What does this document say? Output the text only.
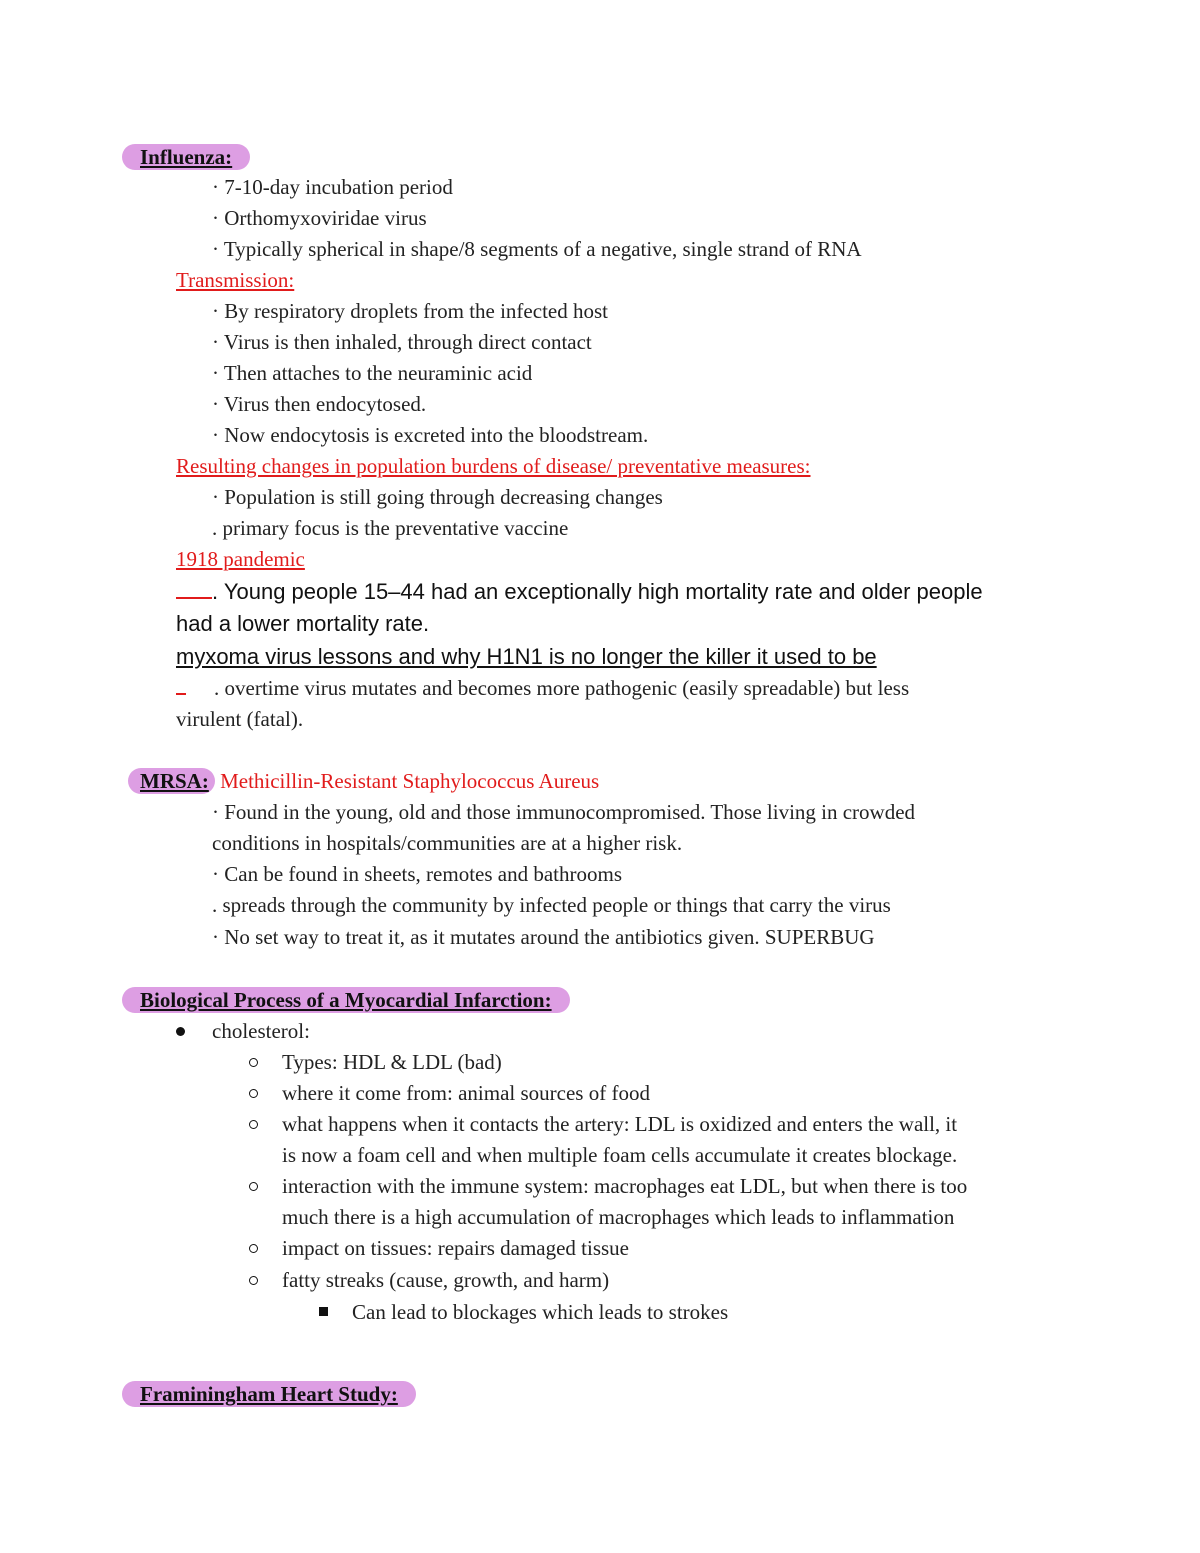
Influenza:
· 7-10-day incubation period
· Orthomyxoviridae virus
· Typically spherical in shape/8 segments of a negative, single strand of RNA
Transmission:
· By respiratory droplets from the infected host
· Virus is then inhaled, through direct contact
· Then attaches to the neuraminic acid
· Virus then endocytosed.
· Now endocytosis is excreted into the bloodstream.
Resulting changes in population burdens of disease/ preventative measures:
· Population is still going through decreasing changes
. primary focus is the preventative vaccine
1918 pandemic
. Young people 15–44 had an exceptionally high mortality rate and older people
had a lower mortality rate.
myxoma virus lessons and why H1N1 is no longer the killer it used to be
. overtime virus mutates and becomes more pathogenic (easily spreadable) but less
virulent (fatal).
MRSA: Methicillin-Resistant Staphylococcus Aureus
· Found in the young, old and those immunocompromised. Those living in crowded
conditions in hospitals/communities are at a higher risk.
· Can be found in sheets, remotes and bathrooms
. spreads through the community by infected people or things that carry the virus
· No set way to treat it, as it mutates around the antibiotics given. SUPERBUG
Biological Process of a Myocardial Infarction:
cholesterol:
Types: HDL & LDL (bad)
where it come from: animal sources of food
what happens when it contacts the artery: LDL is oxidized and enters the wall, it
is now a foam cell and when multiple foam cells accumulate it creates blockage.
interaction with the immune system: macrophages eat LDL, but when there is too
much there is a high accumulation of macrophages which leads to inflammation
impact on tissues: repairs damaged tissue
fatty streaks (cause, growth, and harm)
Can lead to blockages which leads to strokes
Framiningham Heart Study:
